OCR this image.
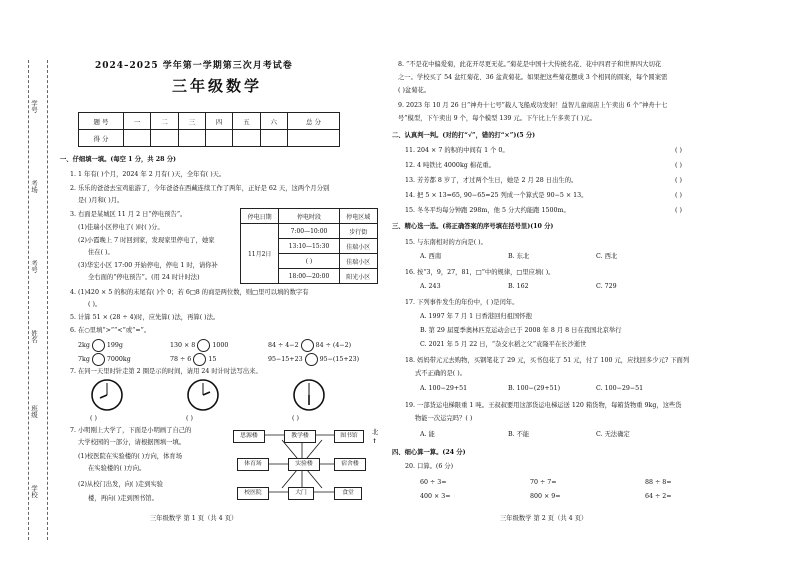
学号
考场
考号
姓名
班级
学校
2024–2025 学年第一学期第三次月考试卷
三年级数学
题 号	一	二	三	四	五	六	总 分
得 分							
一、仔细填一填。(每空 1 分，共 28 分)
1. 1 年有( )个月，2024 年 2 月有( )天，全年有( )天。
2. 乐乐的爸爸去宝鸡旅游了，今年爸爸在西藏连续工作了两年，正好是 62 天，这两个月分别
是( )月和( )月。
3. 右面是某城区 11 月 2 日“停电预告”。
(1)佳瑞小区停电了( )时( )分。
(2)小霞晚上 7 时回到家，发现家里停电了，她家
住在( )。
(3)华宏小区 17:00 开始停电，停电 1 时，请你补
全右面的“停电预告”。(用 24 时计时法)
停电日期	停电时段	停电区域
11月2日	7:00—10:00	步行街
	13:10—15:30	佳瑞小区
	( )	佳瑞小区
	18:00—20:00	阳光小区
4. (1)420 × 5 的积的末尾有( )个 0；若 6□8 的商是两位数，则□里可以填的数字有
( )。
5. 计算 51 × (28 ÷ 4)时，应先算( )法，再算( )法。
6. 在○里填“>”“<”或“=”。
2kg	199g	130 × 8	1000	84 ÷ 4−2	84 ÷ (4−2)
7kg	7000kg	78 ÷ 6	15	95−15+23	95−(15+23)
7. 在同一天里时针走第 2 圈是示的时间，请用 24 时计时法写出来。
( )	( )	( )
7. 小明刚上大学了，下面是小明画了自己的
大学校园的一部分，请根据图填一填。
(1)校医院在实验楼的( )方向，体育场
在实验楼的( )方向。
(2)从校门出发，向( )走到实验
楼，再向( )走到图书馆。
思源楼	教学楼	图书馆
体育场	实验楼	宿舍楼
校医院	大门	食堂
北
↑
三年级数学 第 1 页（共 4 页）
8. “不是花中偏爱菊，此花开尽更无花。”菊花是中国十大传统名花、花中四君子和世界四大切花
之一。学校买了 54 盆红菊花、36 盆黄菊花。如果把这些菊花摆成 3 个相同的圆案，每个圆案需
( )盆菊花。
9. 2023 年 10 月 26 日“神舟十七号”载人飞船成功发射！益智儿童商店上午卖出 6 个“神舟十七
号”模型，下午卖出 9 个，每个模型 139 元。下午比上午多卖了( )元。
二、认真判一判。(对的打“√”，错的打“×”)(5 分)
11. 204 × 7 的积的中间有 1 个 0。
12. 4 吨铁比 4000kg 棉花重。
13. 芳芳都 8 岁了，才过两个生日，她是 2 月 28 日出生的。
14. 把 5 × 13=65, 90−65=25 列成一个算式是 90−5 × 13。
15. 冬冬平均每分钟跑 298m，他 5 分大约能跑 1500m。
( )
( )
( )
( )
( )
三、精心选一选。(将正确答案的序号填在括号里)(10 分)
15. 与东南相对的方向是( )。
A. 西南	B. 东北	C. 西北
16. 按“3，9，27，81，□”中的规律，□里应填( )。
A. 243	B. 162	C. 729
17. 下列事件发生的年份中，( )是闰年。
A. 1997 年 7 月 1 日香港回归祖国怀抱
B. 第 29 届夏季奥林匹克运动会已于 2008 年 8 月 8 日在我国北京举行
C. 2021 年 5 月 22 日，“杂交水稻之父”袁隆平在长沙逝世
18. 妈妈带元元去购物，买钢笔花了 29 元，买书包花了 51 元，付了 100 元，应找回多少元? 下面列
式不正确的是( )。
A. 100−29+51	B. 100−(29+51)	C. 100−29−51
19. 一部货运电梯限重 1 吨。王叔叔要用这部货运电梯运送 120 箱货物，每箱货物重 9kg，这些货
物能一次运完吗？( )
A. 能	B. 不能	C. 无法确定
四、细心算一算。(24 分)
20. 口算。(6 分)
60 ÷ 3=	70 ÷ 7=	88 ÷ 8=
400 × 3=	800 × 9=	64 ÷ 2=
三年级数学 第 2 页（共 4 页）
